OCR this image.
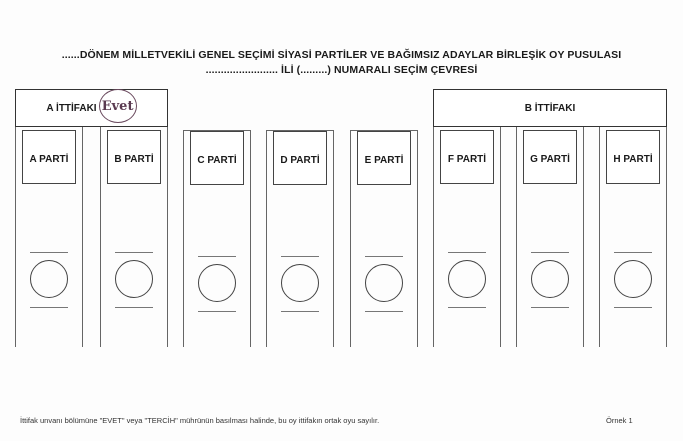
......DÖNEM MİLLETVEKİLİ GENEL SEÇİMİ SİYASİ PARTİLER VE BAĞIMSIZ ADAYLAR BİRLEŞİK OY PUSULASI
........................ İLİ (.........) NUMARALI SEÇİM ÇEVRESİ
A İTTİFAKI Evet	B İTTİFAKI
A PARTİ	B PARTİ	C PARTİ	D PARTİ	E PARTİ	F PARTİ	G PARTİ	H PARTİ
İttifak unvanı bölümüne "EVET" veya "TERCİH" mührünün basılması halinde, bu oy ittifakın ortak oyu sayılır.	Örnek 1
